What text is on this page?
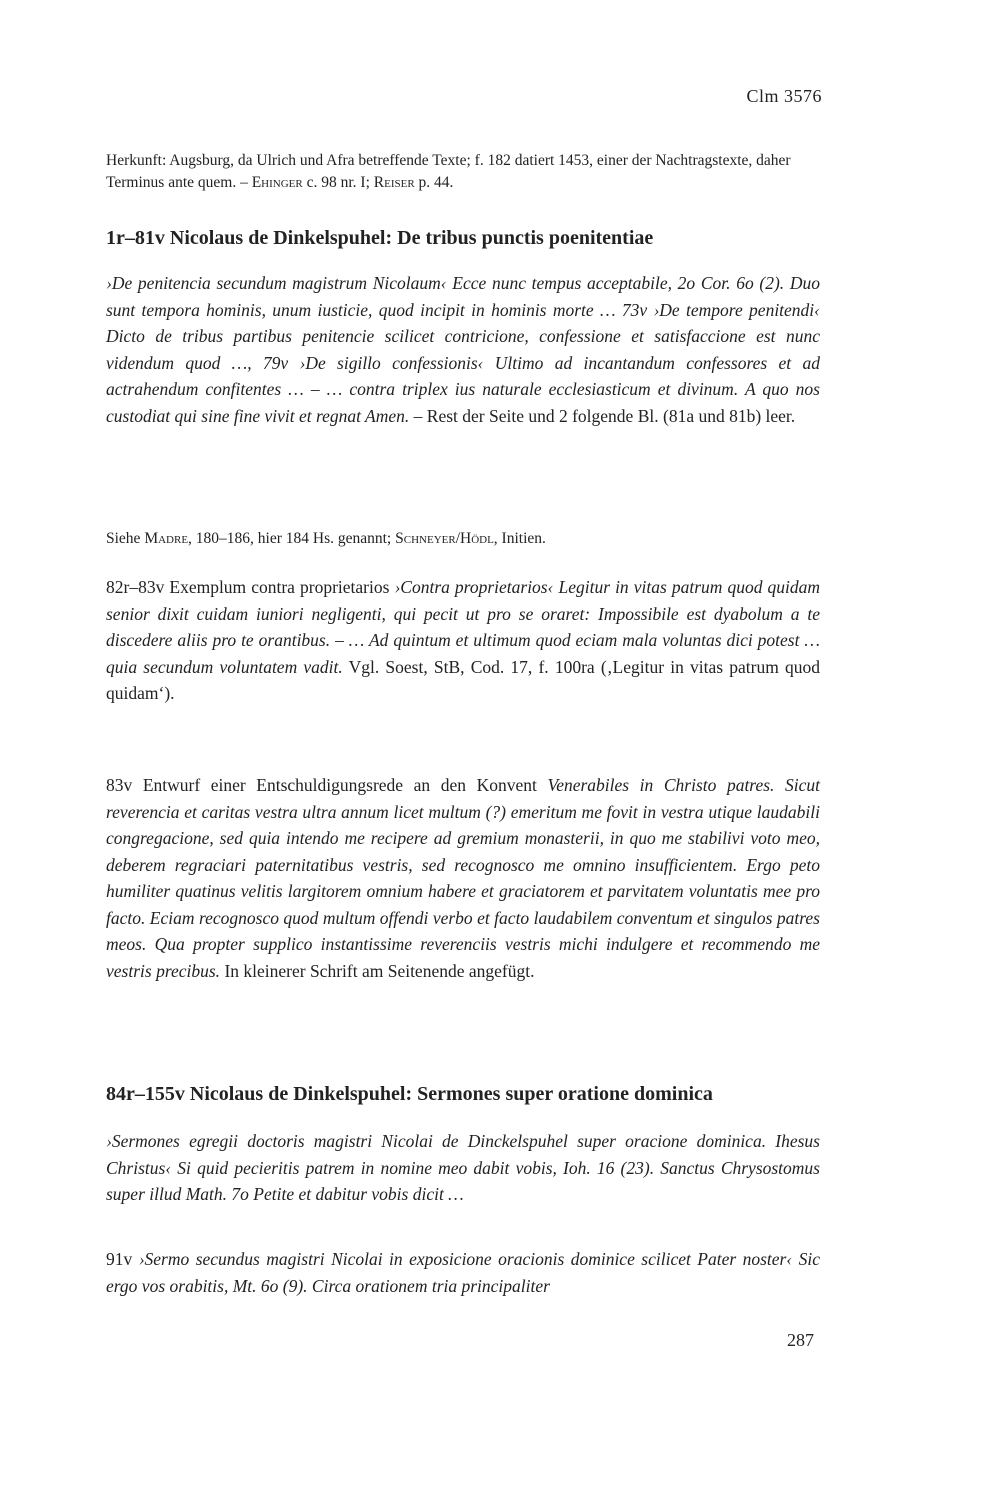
Clm 3576
Herkunft: Augsburg, da Ulrich und Afra betreffende Texte; f. 182 datiert 1453, einer der Nachtragstexte, daher Terminus ante quem. – Ehinger c. 98 nr. I; Reiser p. 44.
1r–81v Nicolaus de Dinkelspuhel: De tribus punctis poenitentiae
›De penitencia secundum magistrum Nicolaum‹ Ecce nunc tempus acceptabile, 2o Cor. 6o (2). Duo sunt tempora hominis, unum iusticie, quod incipit in hominis morte … 73v ›De tempore penitendi‹ Dicto de tribus partibus penitencie scilicet contricione, confessione et satisfaccione est nunc videndum quod …, 79v ›De sigillo confessionis‹ Ultimo ad incantandum confessores et ad actrahendum confitentes … – … contra triplex ius naturale ecclesiasticum et divinum. A quo nos custodiat qui sine fine vivit et regnat Amen. – Rest der Seite und 2 folgende Bl. (81a und 81b) leer.
Siehe Madre, 180–186, hier 184 Hs. genannt; Schneyer/Hödl, Initien.
82r–83v Exemplum contra proprietarios ›Contra proprietarios‹ Legitur in vitas patrum quod quidam senior dixit cuidam iuniori negligenti, qui pecit ut pro se oraret: Impossibile est dyabolum a te discedere aliis pro te orantibus. – … Ad quintum et ultimum quod eciam mala voluntas dici potest … quia secundum voluntatem vadit. Vgl. Soest, StB, Cod. 17, f. 100ra (‚Legitur in vitas patrum quod quidam‘).
83v Entwurf einer Entschuldigungsrede an den Konvent Venerabiles in Christo patres. Sicut reverencia et caritas vestra ultra annum licet multum (?) emeritum me fovit in vestra utique laudabili congregacione, sed quia intendo me recipere ad gremium monasterii, in quo me stabilivi voto meo, deberem regraciari paternitatibus vestris, sed recognosco me omnino insufficientem. Ergo peto humiliter quatinus velitis largitorem omnium habere et graciatorem et parvitatem voluntatis mee pro facto. Eciam recognosco quod multum offendi verbo et facto laudabilem conventum et singulos patres meos. Qua propter supplico instantissime reverenciis vestris michi indulgere et recommendo me vestris precibus. In kleinerer Schrift am Seitenende angefügt.
84r–155v Nicolaus de Dinkelspuhel: Sermones super oratione dominica
›Sermones egregii doctoris magistri Nicolai de Dinckelspuhel super oracione dominica. Ihesus Christus‹ Si quid pecieritis patrem in nomine meo dabit vobis, Ioh. 16 (23). Sanctus Chrysostomus super illud Math. 7o Petite et dabitur vobis dicit …
91v ›Sermo secundus magistri Nicolai in exposicione oracionis dominice scilicet Pater noster‹ Sic ergo vos orabitis, Mt. 6o (9). Circa orationem tria principaliter
287
